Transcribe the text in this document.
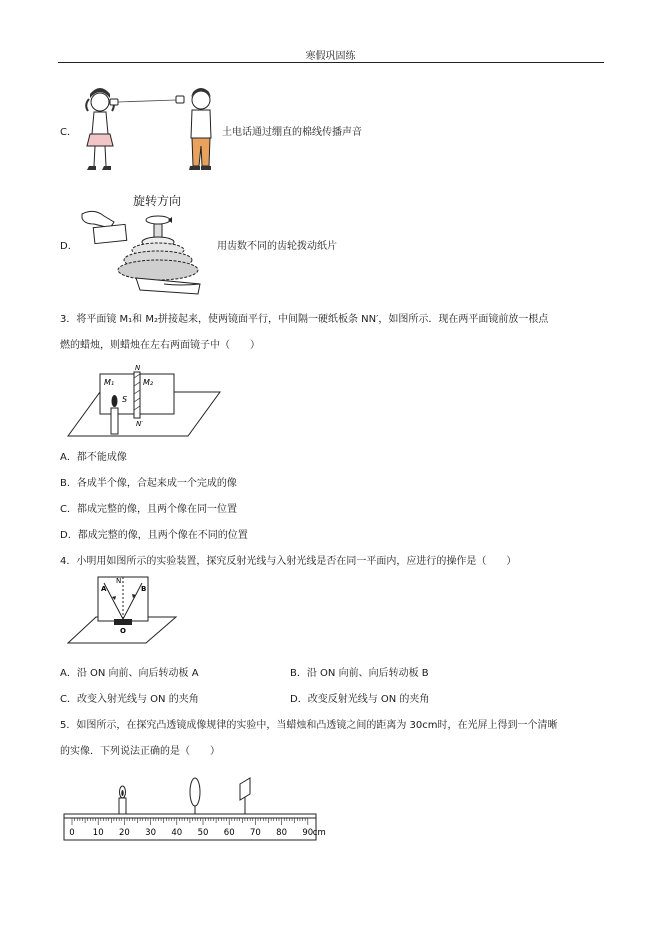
寒假巩固练
C．	土电话通过绷直的棉线传播声音
D．
旋转方向
用齿数不同的齿轮拨动纸片
3．将平面镜 M₁和 M₂拼接起来，使两镜面平行，中间隔一硬纸板条 NN′，如图所示．现在两平面镜前放一根点
燃的蜡烛，则蜡烛在左右两面镜子中（　　）
M₁	M₂
N
N′
S
A．都不能成像
B．各成半个像，合起来成一个完成的像
C．都成完整的像，且两个像在同一位置
D．都成完整的像，且两个像在不同的位置
4．小明用如图所示的实验装置，探究反射光线与入射光线是否在同一平面内，应进行的操作是（　　）
A	B
N
O
A．沿 ON 向前、向后转动板 A	B．沿 ON 向前、向后转动板 B
C．改变入射光线与 ON 的夹角	D．改变反射光线与 ON 的夹角
5．如图所示，在探究凸透镜成像规律的实验中，当蜡烛和凸透镜之间的距离为 30cm时，在光屏上得到一个清晰
的实像．下列说法正确的是（　　）
0 10 20 30 40 50 60 70 80 90 cm
